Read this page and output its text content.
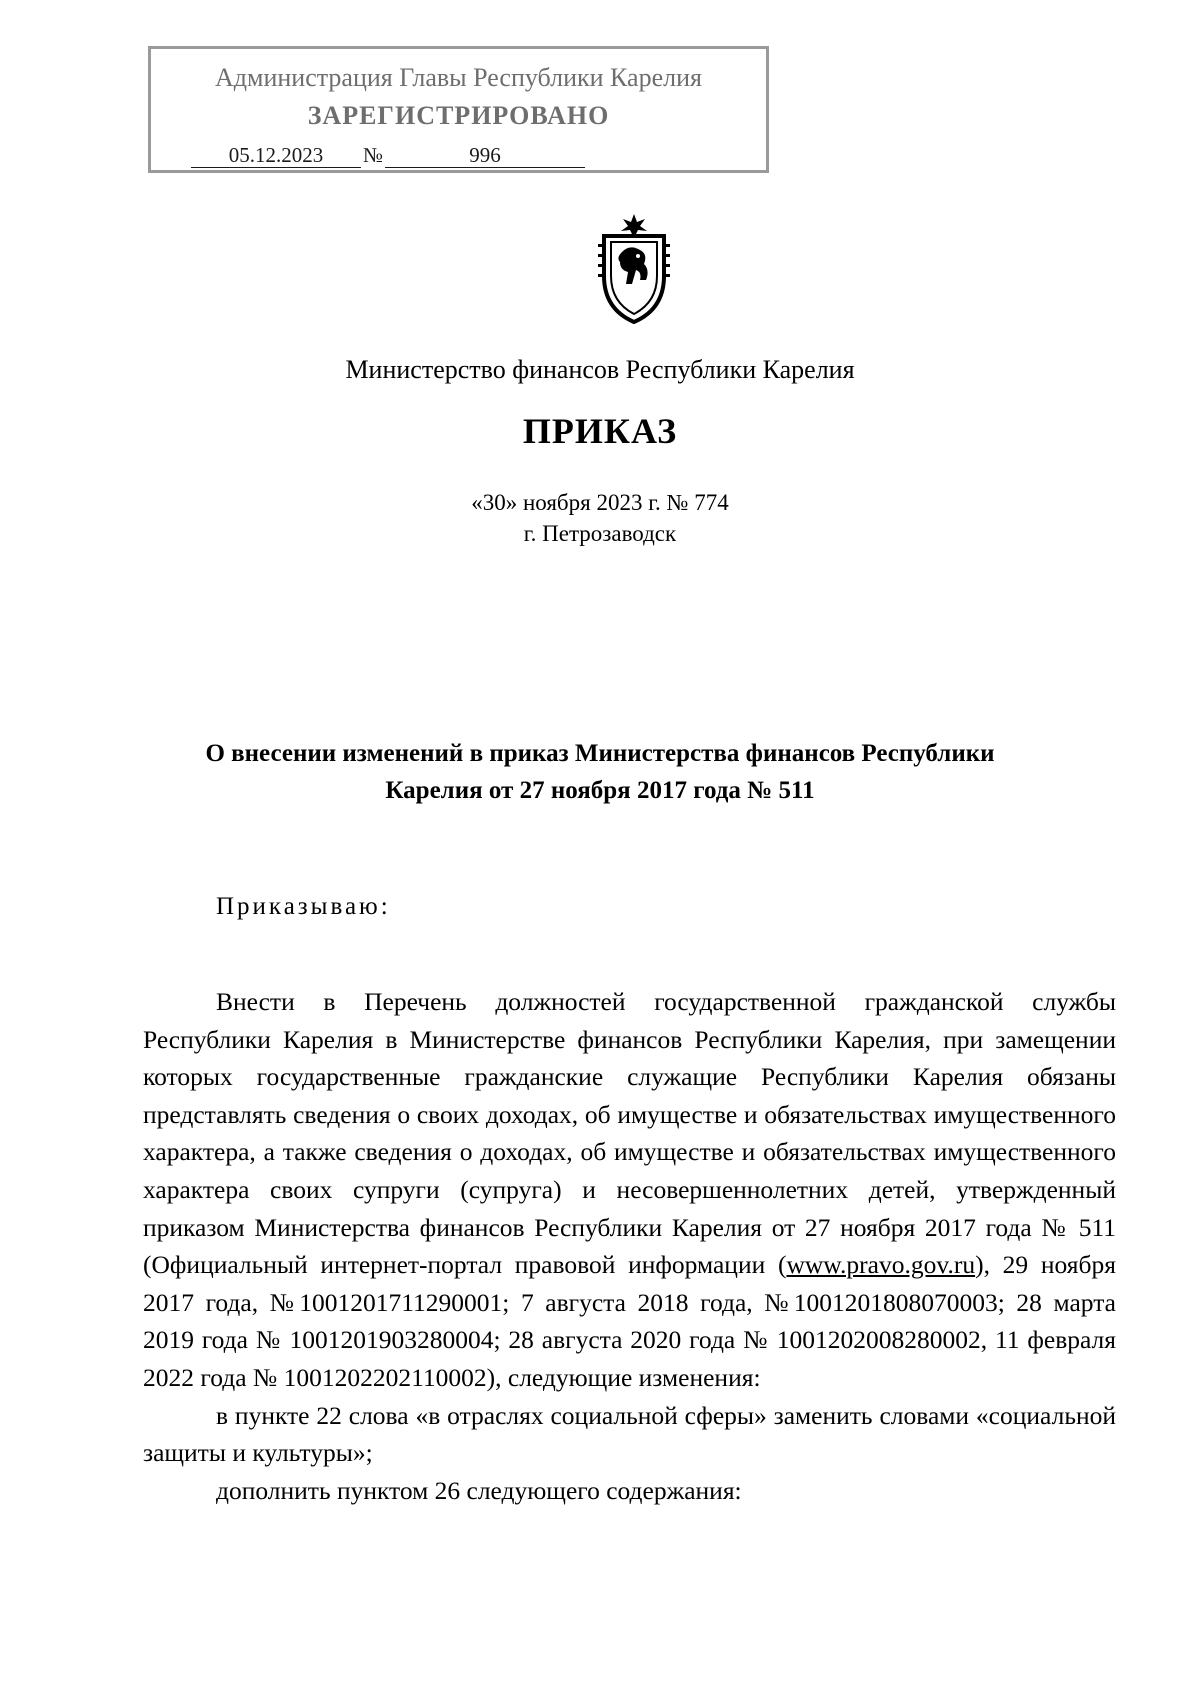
Администрация Главы Республики Карелия
ЗАРЕГИСТРИРОВАНО
05.12.2023 №	996
Министерство финансов Республики Карелия
ПРИКАЗ
«30» ноября 2023 г. № 774
г. Петрозаводск
О внесении изменений в приказ Министерства финансов Республики
Карелия от 27 ноября 2017 года № 511
Приказываю:

Внести в Перечень должностей государственной гражданской службы Республики Карелия в Министерстве финансов Республики Карелия, при замещении которых государственные гражданские служащие Республики Карелия обязаны представлять сведения о своих доходах, об имуществе и обязательствах имущественного характера, а также сведения о доходах, об имуществе и обязательствах имущественного характера своих супруги (супруга) и несовершеннолетних детей, утвержденный приказом Министерства финансов Республики Карелия от 27 ноября 2017 года № 511 (Официальный интернет-портал правовой информации (www.pravo.gov.ru), 29 ноября 2017 года, №1001201711290001; 7 августа 2018 года, №1001201808070003; 28 марта 2019 года № 1001201903280004; 28 августа 2020 года № 1001202008280002, 11 февраля 2022 года № 1001202202110002), следующие изменения:

в пункте 22 слова «в отраслях социальной сферы» заменить словами «социальной защиты и культуры»;

дополнить пунктом 26 следующего содержания:
